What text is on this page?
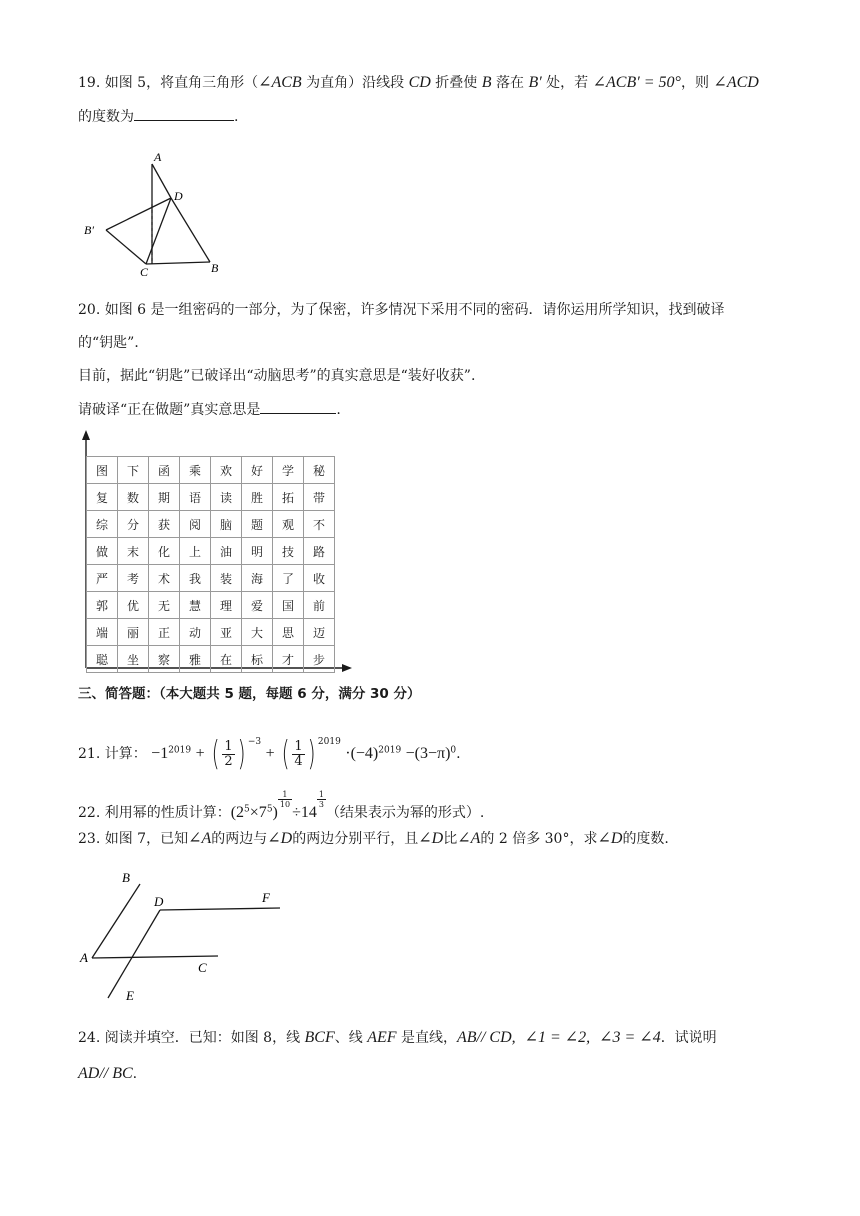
19. 如图 5，将直角三角形（∠ACB 为直角）沿线段 CD 折叠使 B 落在 B′ 处，若 ∠ACB′ = 50°，则 ∠ACD
的度数为	.
A
D
B′
C	B
20. 如图 6 是一组密码的一部分，为了保密，许多情况下采用不同的密码．请你运用所学知识，找到破译
的“钥匙”．
目前，据此“钥匙”已破译出“动脑思考”的真实意思是“装好收获”.
请破译“正在做题”真实意思是	.
图	下	函	乘	欢	好	学	秘
复	数	期	语	读	胜	拓	带
综	分	获	阅	脑	题	观	不
做	末	化	上	油	明	技	路
严	考	术	我	装	海	了	收
郭	优	无	慧	理	爱	国	前
端	丽	正	动	亚	大	思	迈
聪	坐	察	雅	在	标	才	步
三、简答题：（本大题共 5 题，每题 6 分，满分 30 分）
21. 计算： $-1^{2019}$ + ( $\frac{1}{2}$ ) $^{-3}$ + ( $\frac{1}{4}$ ) $^{2019} \cdot(-4)^{2019} -(3-\pi)^0$.
22. 利用幂的性质计算：$(2^5\times 7^5)$
$\frac{1}{10}$
÷14
$\frac{1}{3}$
（结果表示为幂的形式）.
23. 如图 7，已知∠A的两边与∠D的两边分别平行，且∠D比∠A的 2 倍多 30°，求∠D的度数.
B
D	F
A
C
E
24. 阅读并填空．已知：如图 8，线 BCF、线 AEF 是直线，AB// CD, ∠1 = ∠2, ∠3 = ∠4．试说明
AD// BC.
